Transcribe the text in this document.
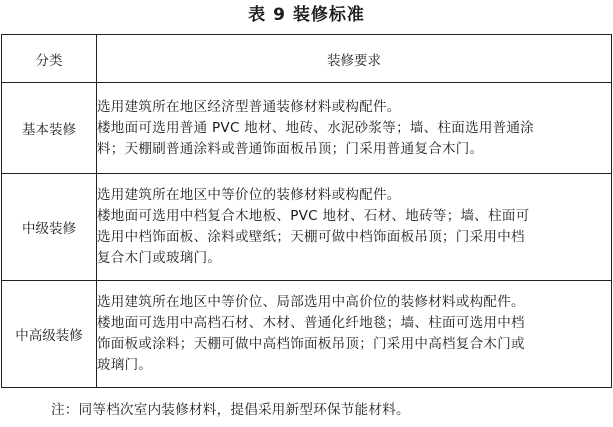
表 9 装修标准
分类	装修要求
基本装修	选用建筑所在地区经济型普通装修材料或构配件。
楼地面可选用普通 PVC 地材、地砖、水泥砂浆等；墙、柱面选用普通涂
料；天棚刷普通涂料或普通饰面板吊顶；门采用普通复合木门。

中级装修	选用建筑所在地区中等价位的装修材料或构配件。
楼地面可选用中档复合木地板、PVC 地材、石材、地砖等；墙、柱面可
选用中档饰面板、涂料或壁纸；天棚可做中档饰面板吊顶；门采用中档
复合木门或玻璃门。

中高级装修	选用建筑所在地区中等价位、局部选用中高价位的装修材料或构配件。
楼地面可选用中高档石材、木材、普通化纤地毯；墙、柱面可选用中档
饰面板或涂料；天棚可做中高档饰面板吊顶；门采用中高档复合木门或
玻璃门。
注：同等档次室内装修材料，提倡采用新型环保节能材料。
